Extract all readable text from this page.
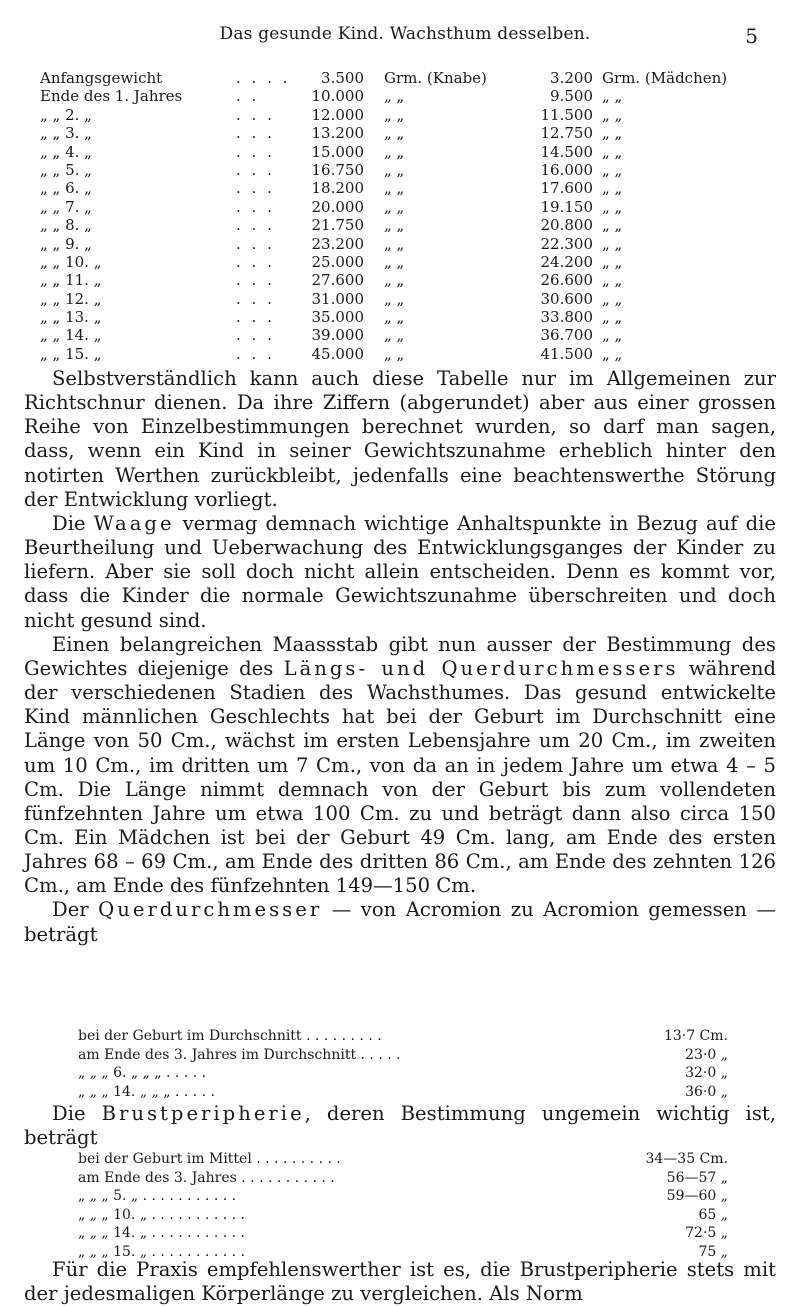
Das gesunde Kind. Wachsthum desselben.	5
Anfangsgewicht	. . . .	3.500 Grm. (Knabe)	3.200 Grm. (Mädchen)
Ende des 1. Jahres	. .	10.000 „ „	9.500 „ „
„ „ 2. „	. . .	12.000 „ „	11.500 „ „
„ „ 3. „	. . .	13.200 „ „	12.750 „ „
„ „ 4. „	. . .	15.000 „ „	14.500 „ „
„ „ 5. „	. . .	16.750 „ „	16.000 „ „
„ „ 6. „	. . .	18.200 „ „	17.600 „ „
„ „ 7. „	. . .	20.000 „ „	19.150 „ „
„ „ 8. „	. . .	21.750 „ „	20.800 „ „
„ „ 9. „	. . .	23.200 „ „	22.300 „ „
„ „ 10. „	. . .	25.000 „ „	24.200 „ „
„ „ 11. „	. . .	27.600 „ „	26.600 „ „
„ „ 12. „	. . .	31.000 „ „	30.600 „ „
„ „ 13. „	. . .	35.000 „ „	33.800 „ „
„ „ 14. „	. . .	39.000 „ „	36.700 „ „
„ „ 15. „	. . .	45.000 „ „	41.500 „ „

Selbstverständlich kann auch diese Tabelle nur im Allgemeinen zur Richtschnur dienen. Da ihre Ziffern (abgerundet) aber aus einer grossen Reihe von Einzelbestimmungen berechnet wurden, so darf man sagen, dass, wenn ein Kind in seiner Gewichtszunahme erheblich hinter den notirten Werthen zurückbleibt, jedenfalls eine beachtenswerthe Störung der Entwicklung vorliegt.

Die Waage vermag demnach wichtige Anhaltspunkte in Bezug auf die Beurtheilung und Ueberwachung des Entwicklungsganges der Kinder zu liefern. Aber sie soll doch nicht allein entscheiden. Denn es kommt vor, dass die Kinder die normale Gewichtszunahme überschreiten und doch nicht gesund sind.

Einen belangreichen Maassstab gibt nun ausser der Bestimmung des Gewichtes diejenige des Längs- und Querdurchmessers während der verschiedenen Stadien des Wachsthumes. Das gesund entwickelte Kind männlichen Geschlechts hat bei der Geburt im Durchschnitt eine Länge von 50 Cm., wächst im ersten Lebensjahre um 20 Cm., im zweiten um 10 Cm., im dritten um 7 Cm., von da an in jedem Jahre um etwa 4 – 5 Cm. Die Länge nimmt demnach von der Geburt bis zum vollendeten fünfzehnten Jahre um etwa 100 Cm. zu und beträgt dann also circa 150 Cm. Ein Mädchen ist bei der Geburt 49 Cm. lang, am Ende des ersten Jahres 68 – 69 Cm., am Ende des dritten 86 Cm., am Ende des zehnten 126 Cm., am Ende des fünfzehnten 149—150 Cm.

Der Querdurchmesser — von Acromion zu Acromion gemessen — beträgt

bei der Geburt im Durchschnitt . . . . . . . . .	13·7 Cm.
am Ende des 3. Jahres im Durchschnitt . . . . .	23·0 „
„ „ „ 6. „ „ „ . . . . .	32·0 „
„ „ „ 14. „ „ „ . . . . .	36·0 „

Die Brustperipherie, deren Bestimmung ungemein wichtig ist, beträgt

bei der Geburt im Mittel . . . . . . . . . .	34—35 Cm.
am Ende des 3. Jahres . . . . . . . . . . .	56—57 „
„ „ „ 5. „ . . . . . . . . . . .	59—60 „
„ „ „ 10. „ . . . . . . . . . . .	65 „
„ „ „ 14. „ . . . . . . . . . . .	72·5 „
„ „ „ 15. „ . . . . . . . . . . .	75 „

Für die Praxis empfehlenswerther ist es, die Brustperipherie stets mit der jedesmaligen Körperlänge zu vergleichen. Als Norm
